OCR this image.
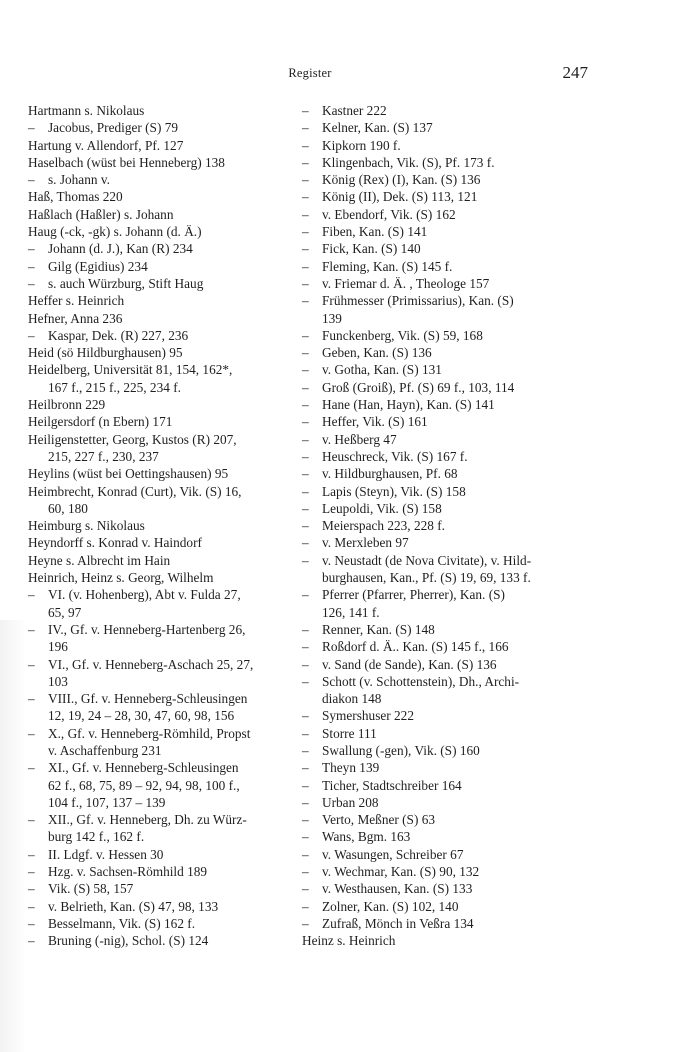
Register	247
Hartmann s. Nikolaus
– Jacobus, Prediger (S) 79
Hartung v. Allendorf, Pf. 127
Haselbach (wüst bei Henneberg) 138
– s. Johann v.
Haß, Thomas 220
Haßlach (Haßler) s. Johann
Haug (-ck, -gk) s. Johann (d. Ä.)
– Johann (d. J.), Kan (R) 234
– Gilg (Egidius) 234
– s. auch Würzburg, Stift Haug
Heffer s. Heinrich
Hefner, Anna 236
– Kaspar, Dek. (R) 227, 236
Heid (sö Hildburghausen) 95
Heidelberg, Universität 81, 154, 162*,
167 f., 215 f., 225, 234 f.
Heilbronn 229
Heilgersdorf (n Ebern) 171
Heiligenstetter, Georg, Kustos (R) 207,
215, 227 f., 230, 237
Heylins (wüst bei Oettingshausen) 95
Heimbrecht, Konrad (Curt), Vik. (S) 16,
60, 180
Heimburg s. Nikolaus
Heyndorff s. Konrad v. Haindorf
Heyne s. Albrecht im Hain
Heinrich, Heinz s. Georg, Wilhelm
– VI. (v. Hohenberg), Abt v. Fulda 27,
65, 97
– IV., Gf. v. Henneberg-Hartenberg 26,
196
– VI., Gf. v. Henneberg-Aschach 25, 27,
103
– VIII., Gf. v. Henneberg-Schleusingen
12, 19, 24 – 28, 30, 47, 60, 98, 156
– X., Gf. v. Henneberg-Römhild, Propst
v. Aschaffenburg 231
– XI., Gf. v. Henneberg-Schleusingen
62 f., 68, 75, 89 – 92, 94, 98, 100 f.,
104 f., 107, 137 – 139
– XII., Gf. v. Henneberg, Dh. zu Würz-
burg 142 f., 162 f.
– II. Ldgf. v. Hessen 30
– Hzg. v. Sachsen-Römhild 189
– Vik. (S) 58, 157
– v. Belrieth, Kan. (S) 47, 98, 133
– Besselmann, Vik. (S) 162 f.
– Bruning (-nig), Schol. (S) 124
– Kastner 222
– Kelner, Kan. (S) 137
– Kipkorn 190 f.
– Klingenbach, Vik. (S), Pf. 173 f.
– König (Rex) (I), Kan. (S) 136
– König (II), Dek. (S) 113, 121
– v. Ebendorf, Vik. (S) 162
– Fiben, Kan. (S) 141
– Fick, Kan. (S) 140
– Fleming, Kan. (S) 145 f.
– v. Friemar d. Ä. , Theologe 157
– Frühmesser (Primissarius), Kan. (S)
139
– Funckenberg, Vik. (S) 59, 168
– Geben, Kan. (S) 136
– v. Gotha, Kan. (S) 131
– Groß (Groiß), Pf. (S) 69 f., 103, 114
– Hane (Han, Hayn), Kan. (S) 141
– Heffer, Vik. (S) 161
– v. Heßberg 47
– Heuschreck, Vik. (S) 167 f.
– v. Hildburghausen, Pf. 68
– Lapis (Steyn), Vik. (S) 158
– Leupoldi, Vik. (S) 158
– Meierspach 223, 228 f.
– v. Merxleben 97
– v. Neustadt (de Nova Civitate), v. Hild-
burghausen, Kan., Pf. (S) 19, 69, 133 f.
– Pferrer (Pfarrer, Pherrer), Kan. (S)
126, 141 f.
– Renner, Kan. (S) 148
– Roßdorf d. Ä.. Kan. (S) 145 f., 166
– v. Sand (de Sande), Kan. (S) 136
– Schott (v. Schottenstein), Dh., Archi-
diakon 148
– Symershuser 222
– Storre 111
– Swallung (-gen), Vik. (S) 160
– Theyn 139
– Ticher, Stadtschreiber 164
– Urban 208
– Verto, Meßner (S) 63
– Wans, Bgm. 163
– v. Wasungen, Schreiber 67
– v. Wechmar, Kan. (S) 90, 132
– v. Westhausen, Kan. (S) 133
– Zolner, Kan. (S) 102, 140
– Zufraß, Mönch in Veßra 134
Heinz s. Heinrich
